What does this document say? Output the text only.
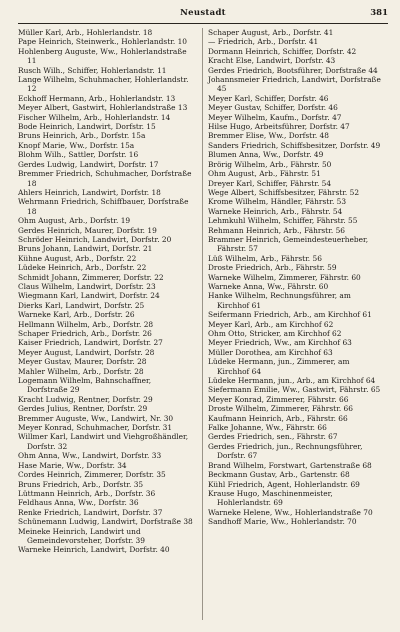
Neustadt	381
Müller Karl, Arb., Hohlerlandstr. 18
Pape Heinrich, Steinwerk., Hohlerlandstr. 10
Hohlenberg Auguste, Ww., Hohlerlandstraße 11
Rusch Wilh., Schiffer, Hohlerlandstr. 11
Lange Wilhelm, Schuhmacher, Hohlerlandstr. 12
Eckhoff Hermann, Arb., Hohlerlandstr. 13
Meyer Albert, Gastwirt, Hohlerlandstraße 13
Fischer Wilhelm, Arb., Hohlerlandstr. 14
Bode Heinrich, Landwirt, Dorfstr. 15
Bruns Heinrich, Arb., Dorfstr. 15a
Knopf Marie, Ww., Dorfstr. 15a
Blohm Wilh., Sattler, Dorfstr. 16
Gerdes Ludwig, Landwirt, Dorfstr. 17
Bremmer Friedrich, Schuhmacher, Dorfstraße 18
Ahlers Heinrich, Landwirt, Dorfstr. 18
Wehrmann Friedrich, Schiffbauer, Dorfstraße 18
Ohm August, Arb., Dorfstr. 19
Gerdes Heinrich, Maurer, Dorfstr. 19
Schröder Heinrich, Landwirt, Dorfstr. 20
Bruns Johann, Landwirt, Dorfstr. 21
Kühne August, Arb., Dorfstr. 22
Lüdeke Heinrich, Arb., Dorfstr. 22
Schmidt Johann, Zimmerer, Dorfstr. 22
Claus Wilhelm, Landwirt, Dorfstr. 23
Wiegmann Karl, Landwirt, Dorfstr. 24
Dierks Karl, Landwirt, Dorfstr. 25
Warneke Karl, Arb., Dorfstr. 26
Hellmann Wilhelm, Arb., Dorfstr. 28
Schaper Friedrich, Arb., Dorfstr. 26
Kaiser Friedrich, Landwirt, Dorfstr. 27
Meyer August, Landwirt, Dorfstr. 28
Meyer Gustav, Maurer, Dorfstr. 28
Mahler Wilhelm, Arb., Dorfstr. 28
Logemann Wilhelm, Bahnschaffner, Dorfstraße 29
Kracht Ludwig, Rentner, Dorfstr. 29
Gerdes Julius, Rentner, Dorfstr. 29
Bremmer Auguste, Ww., Landwirt, Nr. 30
Meyer Konrad, Schuhmacher, Dorfstr. 31
Willmer Karl, Landwirt und Viehgroßhändler, Dorfstr. 32
Ohm Anna, Ww., Landwirt, Dorfstr. 33
Hase Marie, Ww., Dorfstr. 34
Cordes Heinrich, Zimmerer, Dorfstr. 35
Bruns Friedrich, Arb., Dorfstr. 35
Lüttmann Heinrich, Arb., Dorfstr. 36
Feldhaus Anna, Ww., Dorfstr. 36
Renke Friedrich, Landwirt, Dorfstr. 37
Schünemann Ludwig, Landwirt, Dorfstraße 38
Meineke Heinrich, Landwirt und Gemeindevorsteher, Dorfstr. 39
Warneke Heinrich, Landwirt, Dorfstr. 40
Schaper August, Arb., Dorfstr. 41
— Friedrich, Arb., Dorfstr. 41
Dormann Heinrich, Schiffer, Dorfstr. 42
Kracht Else, Landwirt, Dorfstr. 43
Gerdes Friedrich, Bootsführer, Dorfstraße 44
Johannsmeier Friedrich, Landwirt, Dorfstraße 45
Meyer Karl, Schiffer, Dorfstr. 46
Meyer Gustav, Schiffer, Dorfstr. 46
Meyer Wilhelm, Kaufm., Dorfstr. 47
Hilse Hugo, Arbeitsführer, Dorfstr. 47
Bremmer Elise, Ww., Dorfstr. 48
Sanders Friedrich, Schiffsbesitzer, Dorfstr. 49
Blumen Anna, Ww., Dorfstr. 49
Brörig Wilhelm, Arb., Fährstr. 50
Ohm August, Arb., Fährstr. 51
Dreyer Karl, Schiffer, Fährstr. 54
Wege Albert, Schiffsbesitzer, Fährstr. 52
Krome Wilhelm, Händler, Fährstr. 53
Warneke Heinrich, Arb., Fährstr. 54
Lehmkuhl Wilhelm, Schiffer, Fährstr. 55
Rehmann Heinrich, Arb., Fährstr. 56
Brammer Heinrich, Gemeindesteuerheber, Fährstr. 57
Lüß Wilhelm, Arb., Fährstr. 56
Droste Friedrich, Arb., Fährstr. 59
Warneke Wilhelm, Zimmerer, Fährstr. 60
Warneke Anna, Ww., Fährstr. 60
Hanke Wilhelm, Rechnungsführer, am Kirchhof 61
Seifermann Friedrich, Arb., am Kirchhof 61
Meyer Karl, Arb., am Kirchhof 62
Ohm Otto, Stricker, am Kirchhof 62
Meyer Friedrich, Ww., am Kirchhof 63
Müller Dorothea, am Kirchhof 63
Lüdeke Hermann, jun., Zimmerer, am Kirchhof 64
Lüdeke Hermann, jun., Arb., am Kirchhof 64
Siefermann Emilie, Ww., Gastwirt, Fährstr. 65
Meyer Konrad, Zimmerer, Fährstr. 66
Droste Wilhelm, Zimmerer, Fährstr. 66
Kaufmann Heinrich, Arb., Fährstr. 66
Falke Johanne, Ww., Fährstr. 66
Gerdes Friedrich, sen., Fährstr. 67
Gerdes Friedrich, jun., Rechnungsführer, Dorfstr. 67
Brand Wilhelm, Forstwart, Gartenstraße 68
Beckmann Gustav, Arb., Gartenstr. 68
Kühl Friedrich, Agent, Hohlerlandstr. 69
Krause Hugo, Maschinenmeister, Hohlerlandstr. 69
Warneke Helene, Ww., Hohlerlandstraße 70
Sandhoff Marie, Ww., Hohlerlandstr. 70
